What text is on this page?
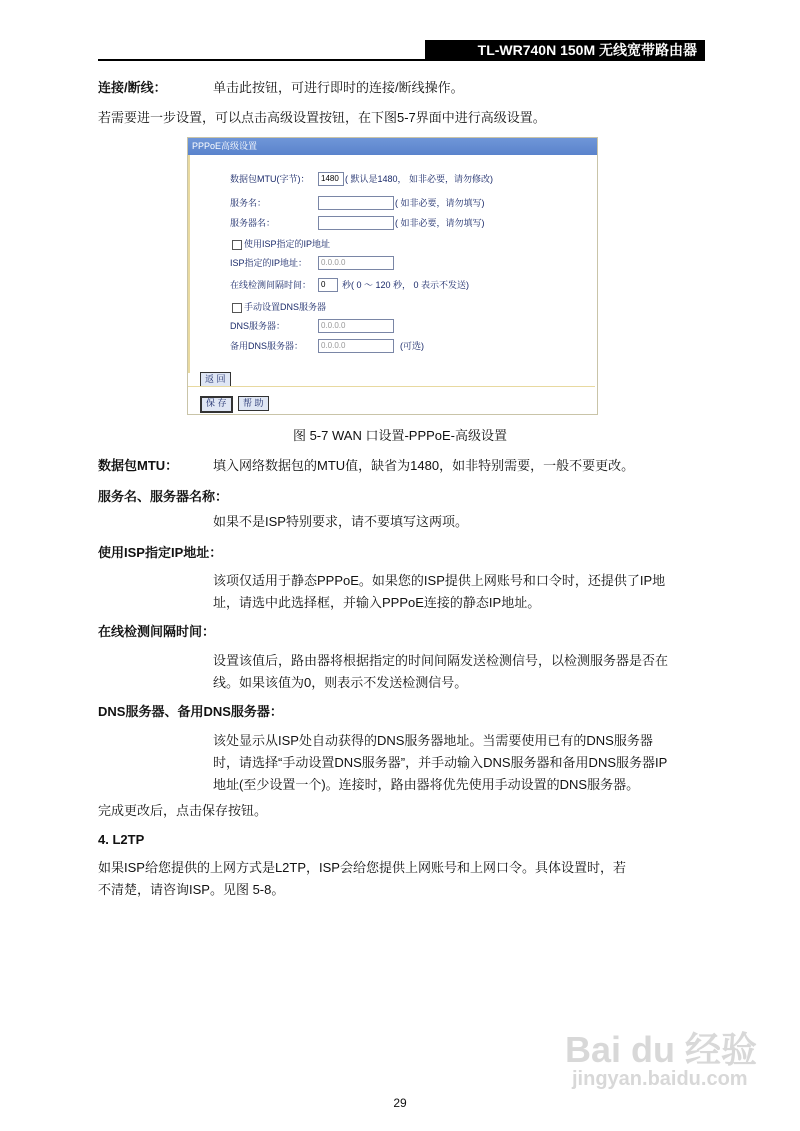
TL-WR740N 150M 无线宽带路由器
连接/断线：	单击此按钮，可进行即时的连接/断线操作。
若需要进一步设置，可以点击高级设置按钮，在下图5-7界面中进行高级设置。
PPPoE高级设置
数据包MTU(字节)：	1480 ( 默认是1480， 如非必要，请勿修改)
服务名：	( 如非必要，请勿填写)
服务器名：	( 如非必要，请勿填写)
使用ISP指定的IP地址
ISP指定的IP地址：	0.0.0.0
在线检测间隔时间：	0	秒( 0 ～ 120 秒， 0 表示不发送)
手动设置DNS服务器
DNS服务器：	0.0.0.0
备用DNS服务器：	0.0.0.0	(可选)
返 回
保 存	帮 助
图 5-7 WAN 口设置-PPPoE-高级设置
数据包MTU：	填入网络数据包的MTU值，缺省为1480，如非特别需要，一般不要更改。
服务名、服务器名称：
如果不是ISP特别要求，请不要填写这两项。
使用ISP指定IP地址：
该项仅适用于静态PPPoE。如果您的ISP提供上网账号和口令时，还提供了IP地
址，请选中此选择框，并输入PPPoE连接的静态IP地址。
在线检测间隔时间：
设置该值后，路由器将根据指定的时间间隔发送检测信号，以检测服务器是否在
线。如果该值为0，则表示不发送检测信号。
DNS服务器、备用DNS服务器：
该处显示从ISP处自动获得的DNS服务器地址。当需要使用已有的DNS服务器
时，请选择“手动设置DNS服务器”，并手动输入DNS服务器和备用DNS服务器IP
地址(至少设置一个)。连接时，路由器将优先使用手动设置的DNS服务器。
完成更改后，点击保存按钮。
4. L2TP
如果ISP给您提供的上网方式是L2TP，ISP会给您提供上网账号和上网口令。具体设置时，若
不清楚，请咨询ISP。见图 5-8。
Bai du 经验
jingyan.baidu.com
29
